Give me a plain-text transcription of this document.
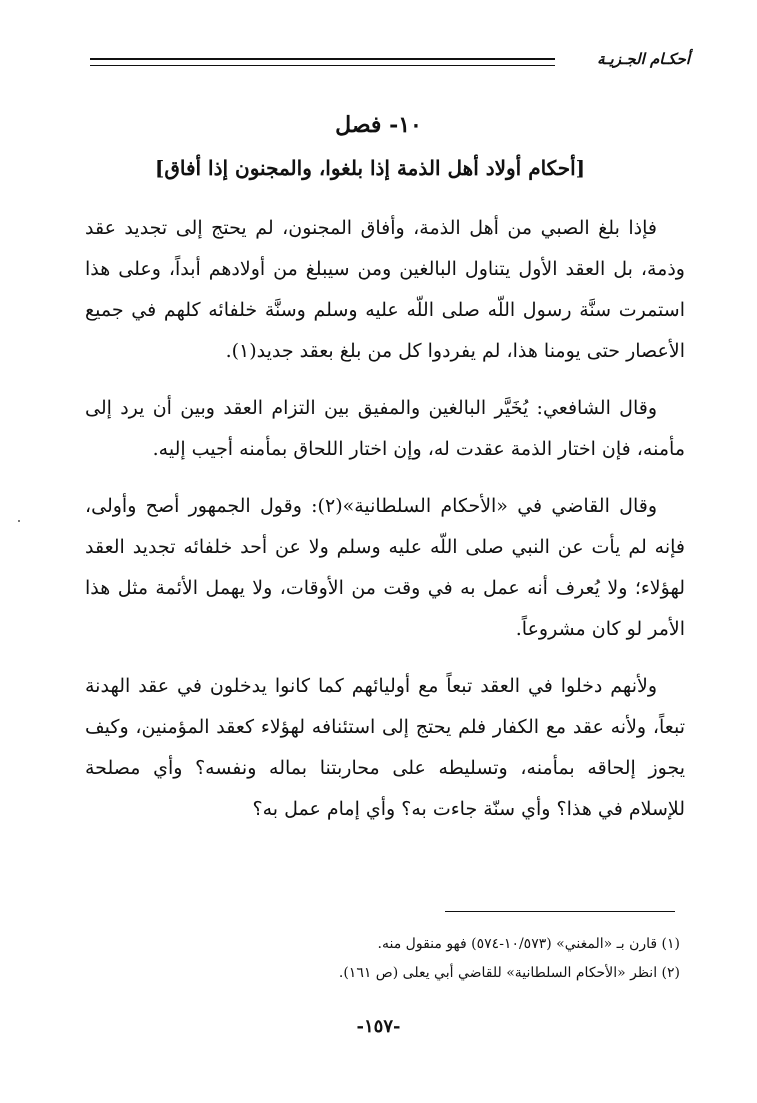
أحكـام الجـزيـة
١٠- فصل
[أحكام أولاد أهل الذمة إذا بلغوا، والمجنون إذا أفاق]

فإذا بلغ الصبي من أهل الذمة، وأفاق المجنون، لم يحتج إلى تجديد عقد وذمة، بل العقد الأول يتناول البالغين ومن سيبلغ من أولادهم أبداً، وعلى هذا استمرت سنَّة رسول اللّه صلى اللّه عليه وسلم وسنَّة خلفائه كلهم في جميع الأعصار حتى يومنا هذا، لم يفردوا كل من بلغ بعقد جديد(١).

وقال الشافعي: يُخَيَّر البالغين والمفيق بين التزام العقد وبين أن يرد إلى مأمنه، فإن اختار الذمة عقدت له، وإن اختار اللحاق بمأمنه أجيب إليه.

وقال القاضي في «الأحكام السلطانية»(٢): وقول الجمهور أصح وأولى، فإنه لم يأت عن النبي صلى اللّه عليه وسلم ولا عن أحد خلفائه تجديد العقد لهؤلاء؛ ولا يُعرف أنه عمل به في وقت من الأوقات، ولا يهمل الأئمة مثل هذا الأمر لو كان مشروعاً.

ولأنهم دخلوا في العقد تبعاً مع أوليائهم كما كانوا يدخلون في عقد الهدنة تبعاً، ولأنه عقد مع الكفار فلم يحتج إلى استئنافه لهؤلاء كعقد المؤمنين، وكيف يجوز إلحاقه بمأمنه، وتسليطه على محاربتنا بماله ونفسه؟ وأي مصلحة للإسلام في هذا؟ وأي سنّة جاءت به؟ وأي إمام عمل به؟

(١) قارن بـ «المغني» (١٠/٥٧٣-٥٧٤) فهو منقول منه.
(٢) انظر «الأحكام السلطانية» للقاضي أبي يعلى (ص ١٦١).
-١٥٧-
